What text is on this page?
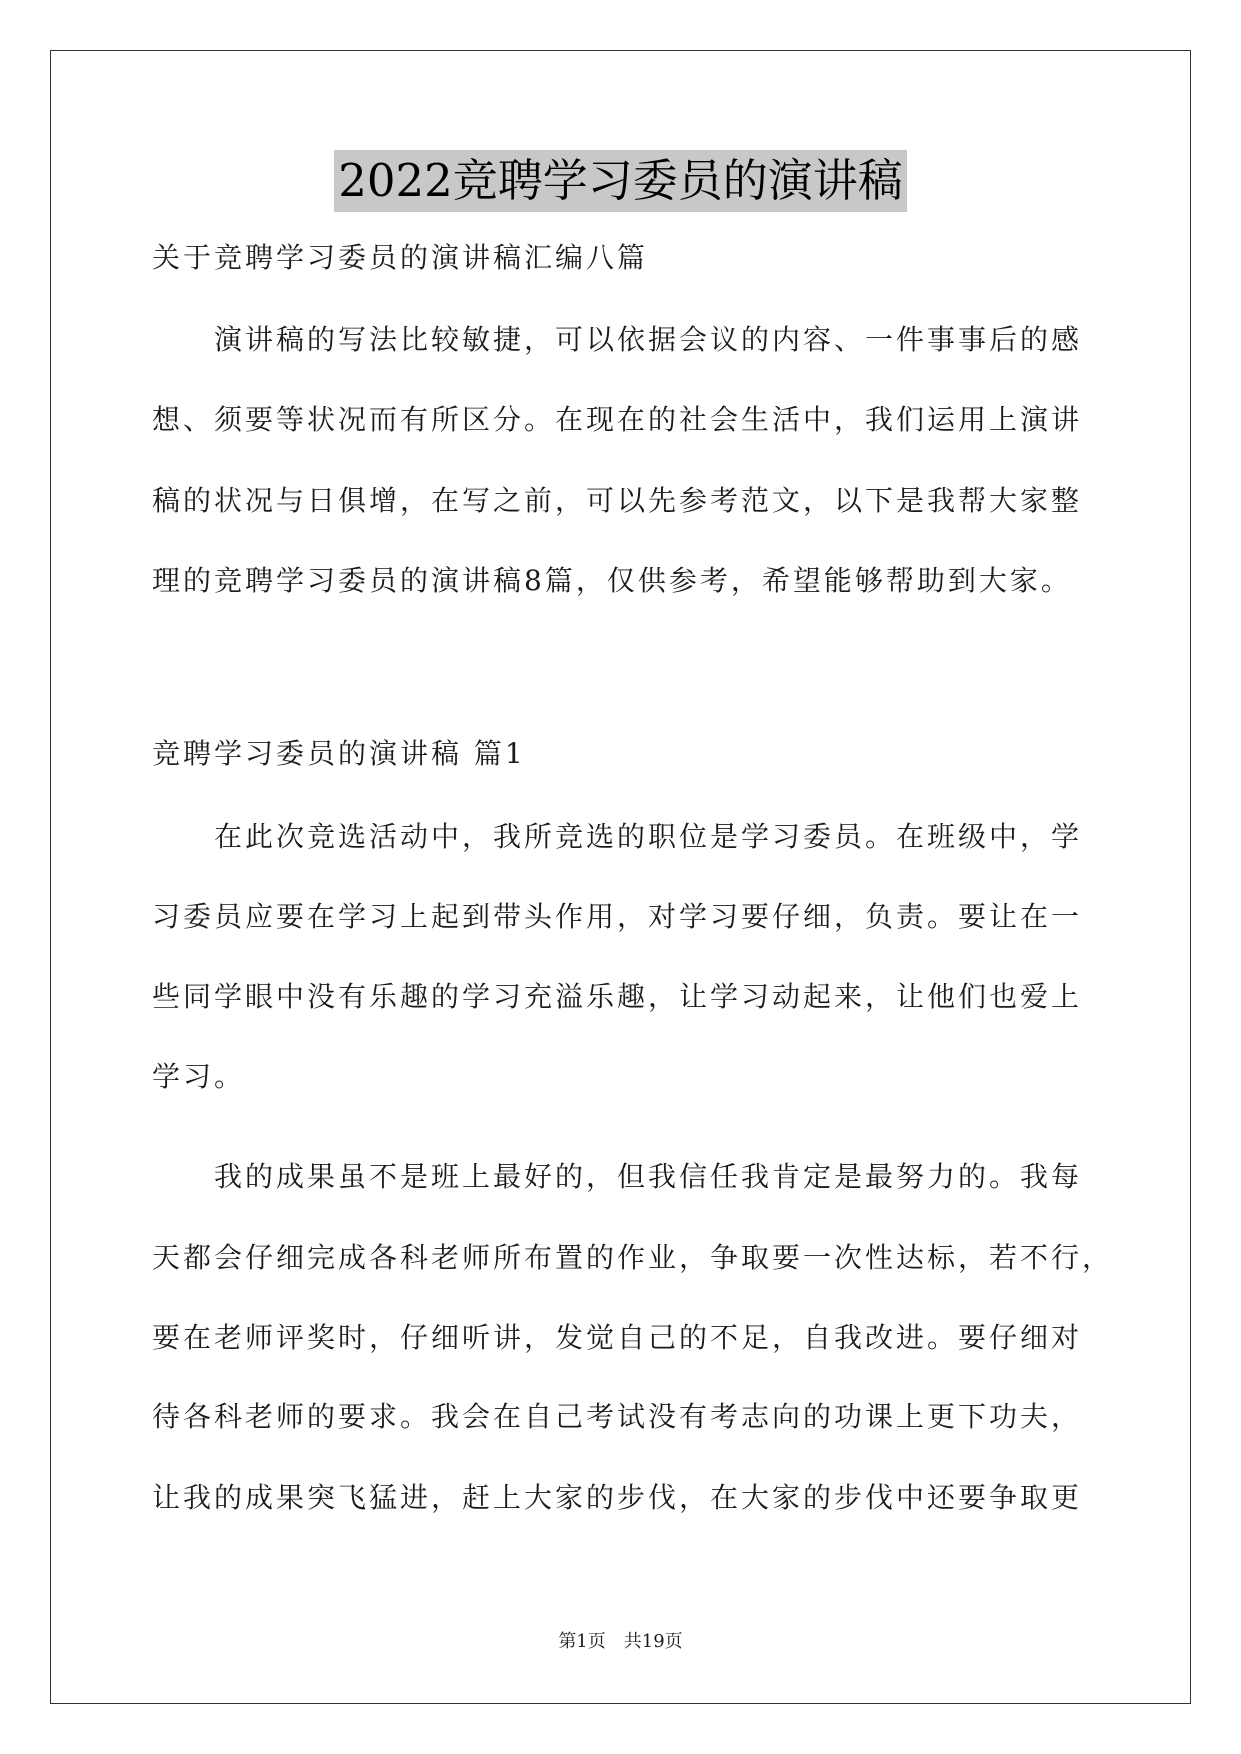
2022竞聘学习委员的演讲稿
关于竞聘学习委员的演讲稿汇编八篇
　　演讲稿的写法比较敏捷，可以依据会议的内容、一件事事后的感
想、须要等状况而有所区分。在现在的社会生活中，我们运用上演讲
稿的状况与日俱增，在写之前，可以先参考范文，以下是我帮大家整
理的竞聘学习委员的演讲稿8篇，仅供参考，希望能够帮助到大家。
竞聘学习委员的演讲稿 篇1
　　在此次竞选活动中，我所竞选的职位是学习委员。在班级中，学
习委员应要在学习上起到带头作用，对学习要仔细，负责。要让在一
些同学眼中没有乐趣的学习充溢乐趣，让学习动起来，让他们也爱上
学习。
　　我的成果虽不是班上最好的，但我信任我肯定是最努力的。我每
天都会仔细完成各科老师所布置的作业，争取要一次性达标，若不行，
要在老师评奖时，仔细听讲，发觉自己的不足，自我改进。要仔细对
待各科老师的要求。我会在自己考试没有考志向的功课上更下功夫，
让我的成果突飞猛进，赶上大家的步伐，在大家的步伐中还要争取更
第1页　共19页
